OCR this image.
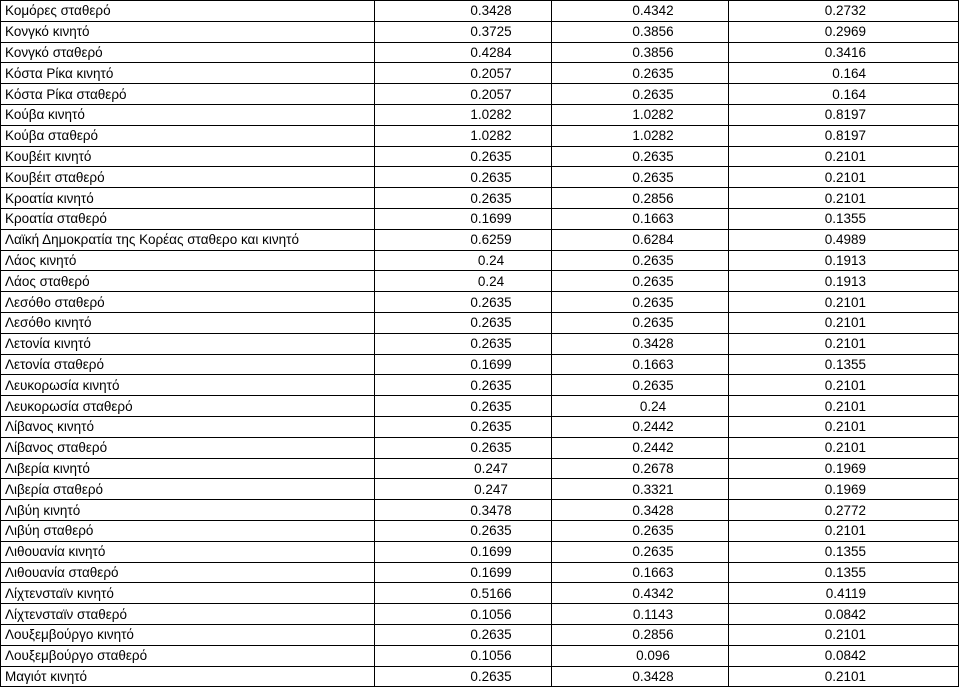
Κομόρες σταθερό	0.3428	0.4342	0.2732
Κονγκό κινητό	0.3725	0.3856	0.2969
Κονγκό σταθερό	0.4284	0.3856	0.3416
Κόστα Ρίκα κινητό	0.2057	0.2635	0.164
Κόστα Ρίκα σταθερό	0.2057	0.2635	0.164
Κούβα κινητό	1.0282	1.0282	0.8197
Κούβα σταθερό	1.0282	1.0282	0.8197
Κουβέιτ κινητό	0.2635	0.2635	0.2101
Κουβέιτ σταθερό	0.2635	0.2635	0.2101
Κροατία κινητό	0.2635	0.2856	0.2101
Κροατία σταθερό	0.1699	0.1663	0.1355
Λαϊκή Δημοκρατία της Κορέας σταθερο και κινητό	0.6259	0.6284	0.4989
Λάος κινητό	0.24	0.2635	0.1913
Λάος σταθερό	0.24	0.2635	0.1913
Λεσόθο σταθερό	0.2635	0.2635	0.2101
Λεσόθο κινητό	0.2635	0.2635	0.2101
Λετονία κινητό	0.2635	0.3428	0.2101
Λετονία σταθερό	0.1699	0.1663	0.1355
Λευκορωσία κινητό	0.2635	0.2635	0.2101
Λευκορωσία σταθερό	0.2635	0.24	0.2101
Λίβανος κινητό	0.2635	0.2442	0.2101
Λίβανος σταθερό	0.2635	0.2442	0.2101
Λιβερία κινητό	0.247	0.2678	0.1969
Λιβερία σταθερό	0.247	0.3321	0.1969
Λιβύη κινητό	0.3478	0.3428	0.2772
Λιβύη σταθερό	0.2635	0.2635	0.2101
Λιθουανία κινητό	0.1699	0.2635	0.1355
Λιθουανία σταθερό	0.1699	0.1663	0.1355
Λίχτενσταϊν κινητό	0.5166	0.4342	0.4119
Λίχτενσταϊν σταθερό	0.1056	0.1143	0.0842
Λουξεμβούργο κινητό	0.2635	0.2856	0.2101
Λουξεμβούργο σταθερό	0.1056	0.096	0.0842
Μαγιότ κινητό	0.2635	0.3428	0.2101
